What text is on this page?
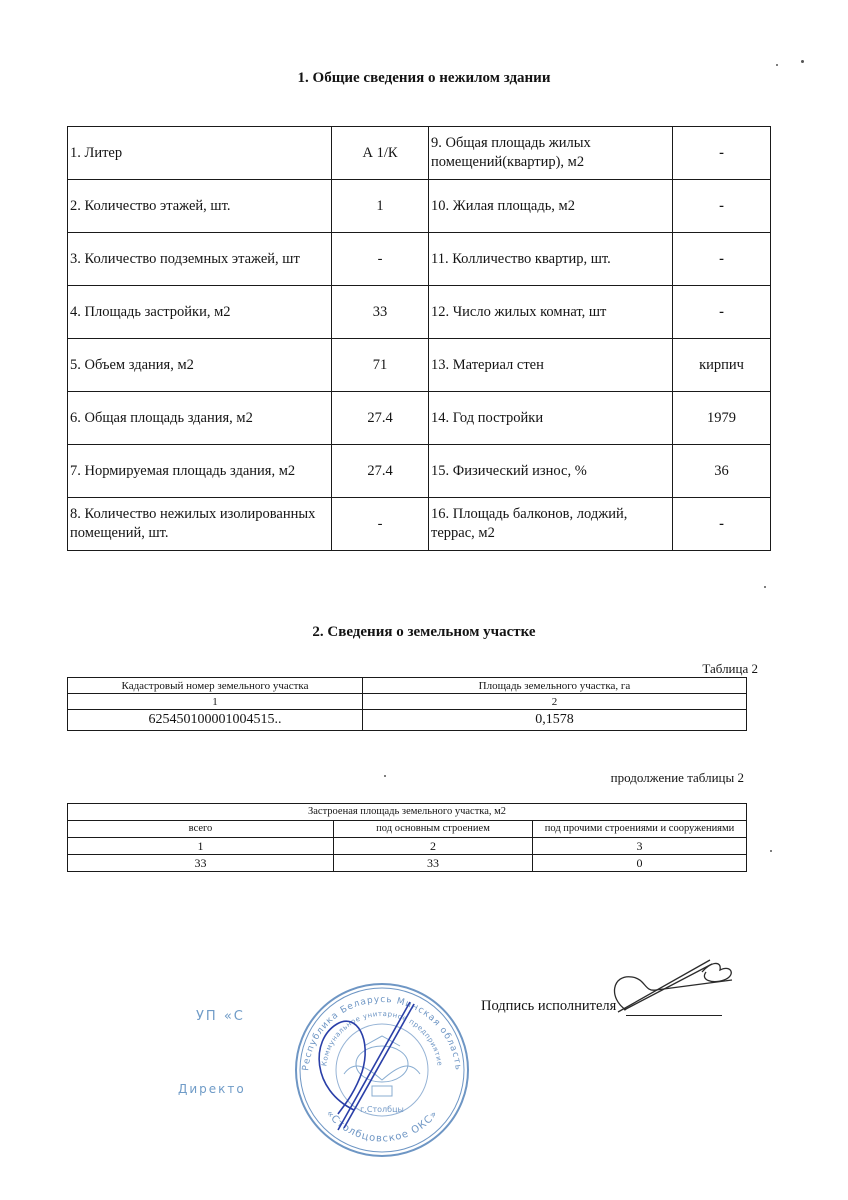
1. Общие сведения о нежилом здании
1. Литер	А 1/К	9. Общая площадь жилых помещений(квартир), м2	-
2. Количество этажей, шт.	1	10. Жилая площадь, м2	-
3. Количество подземных этажей, шт	-	11. Колличество квартир, шт.	-
4. Площадь застройки, м2	33	12. Число жилых комнат, шт	-
5. Объем здания, м2	71	13. Материал стен	кирпич
6. Общая площадь здания, м2	27.4	14. Год постройки	1979
7. Нормируемая площадь здания, м2	27.4	15. Физический износ, %	36
8. Количество нежилых изолированных помещений, шт.	-	16. Площадь балконов, лоджий, террас, м2	-
2. Сведения о земельном участке
Таблица 2
Кадастровый номер земельного участка	Площадь земельного участка, га
1	2
625450100001004515..	0,1578
продолжение таблицы 2
Застроеная площадь земельного участка, м2		
всего	под основным строением	под прочими строениями и сооружениями
1	2	3
33	33	0
Подпись исполнителя
УП «С
Директо
Республика Беларусь Минская область
Коммунальное унитарное предприятие
«Столбцовское ОКС»
г.Столбцы
